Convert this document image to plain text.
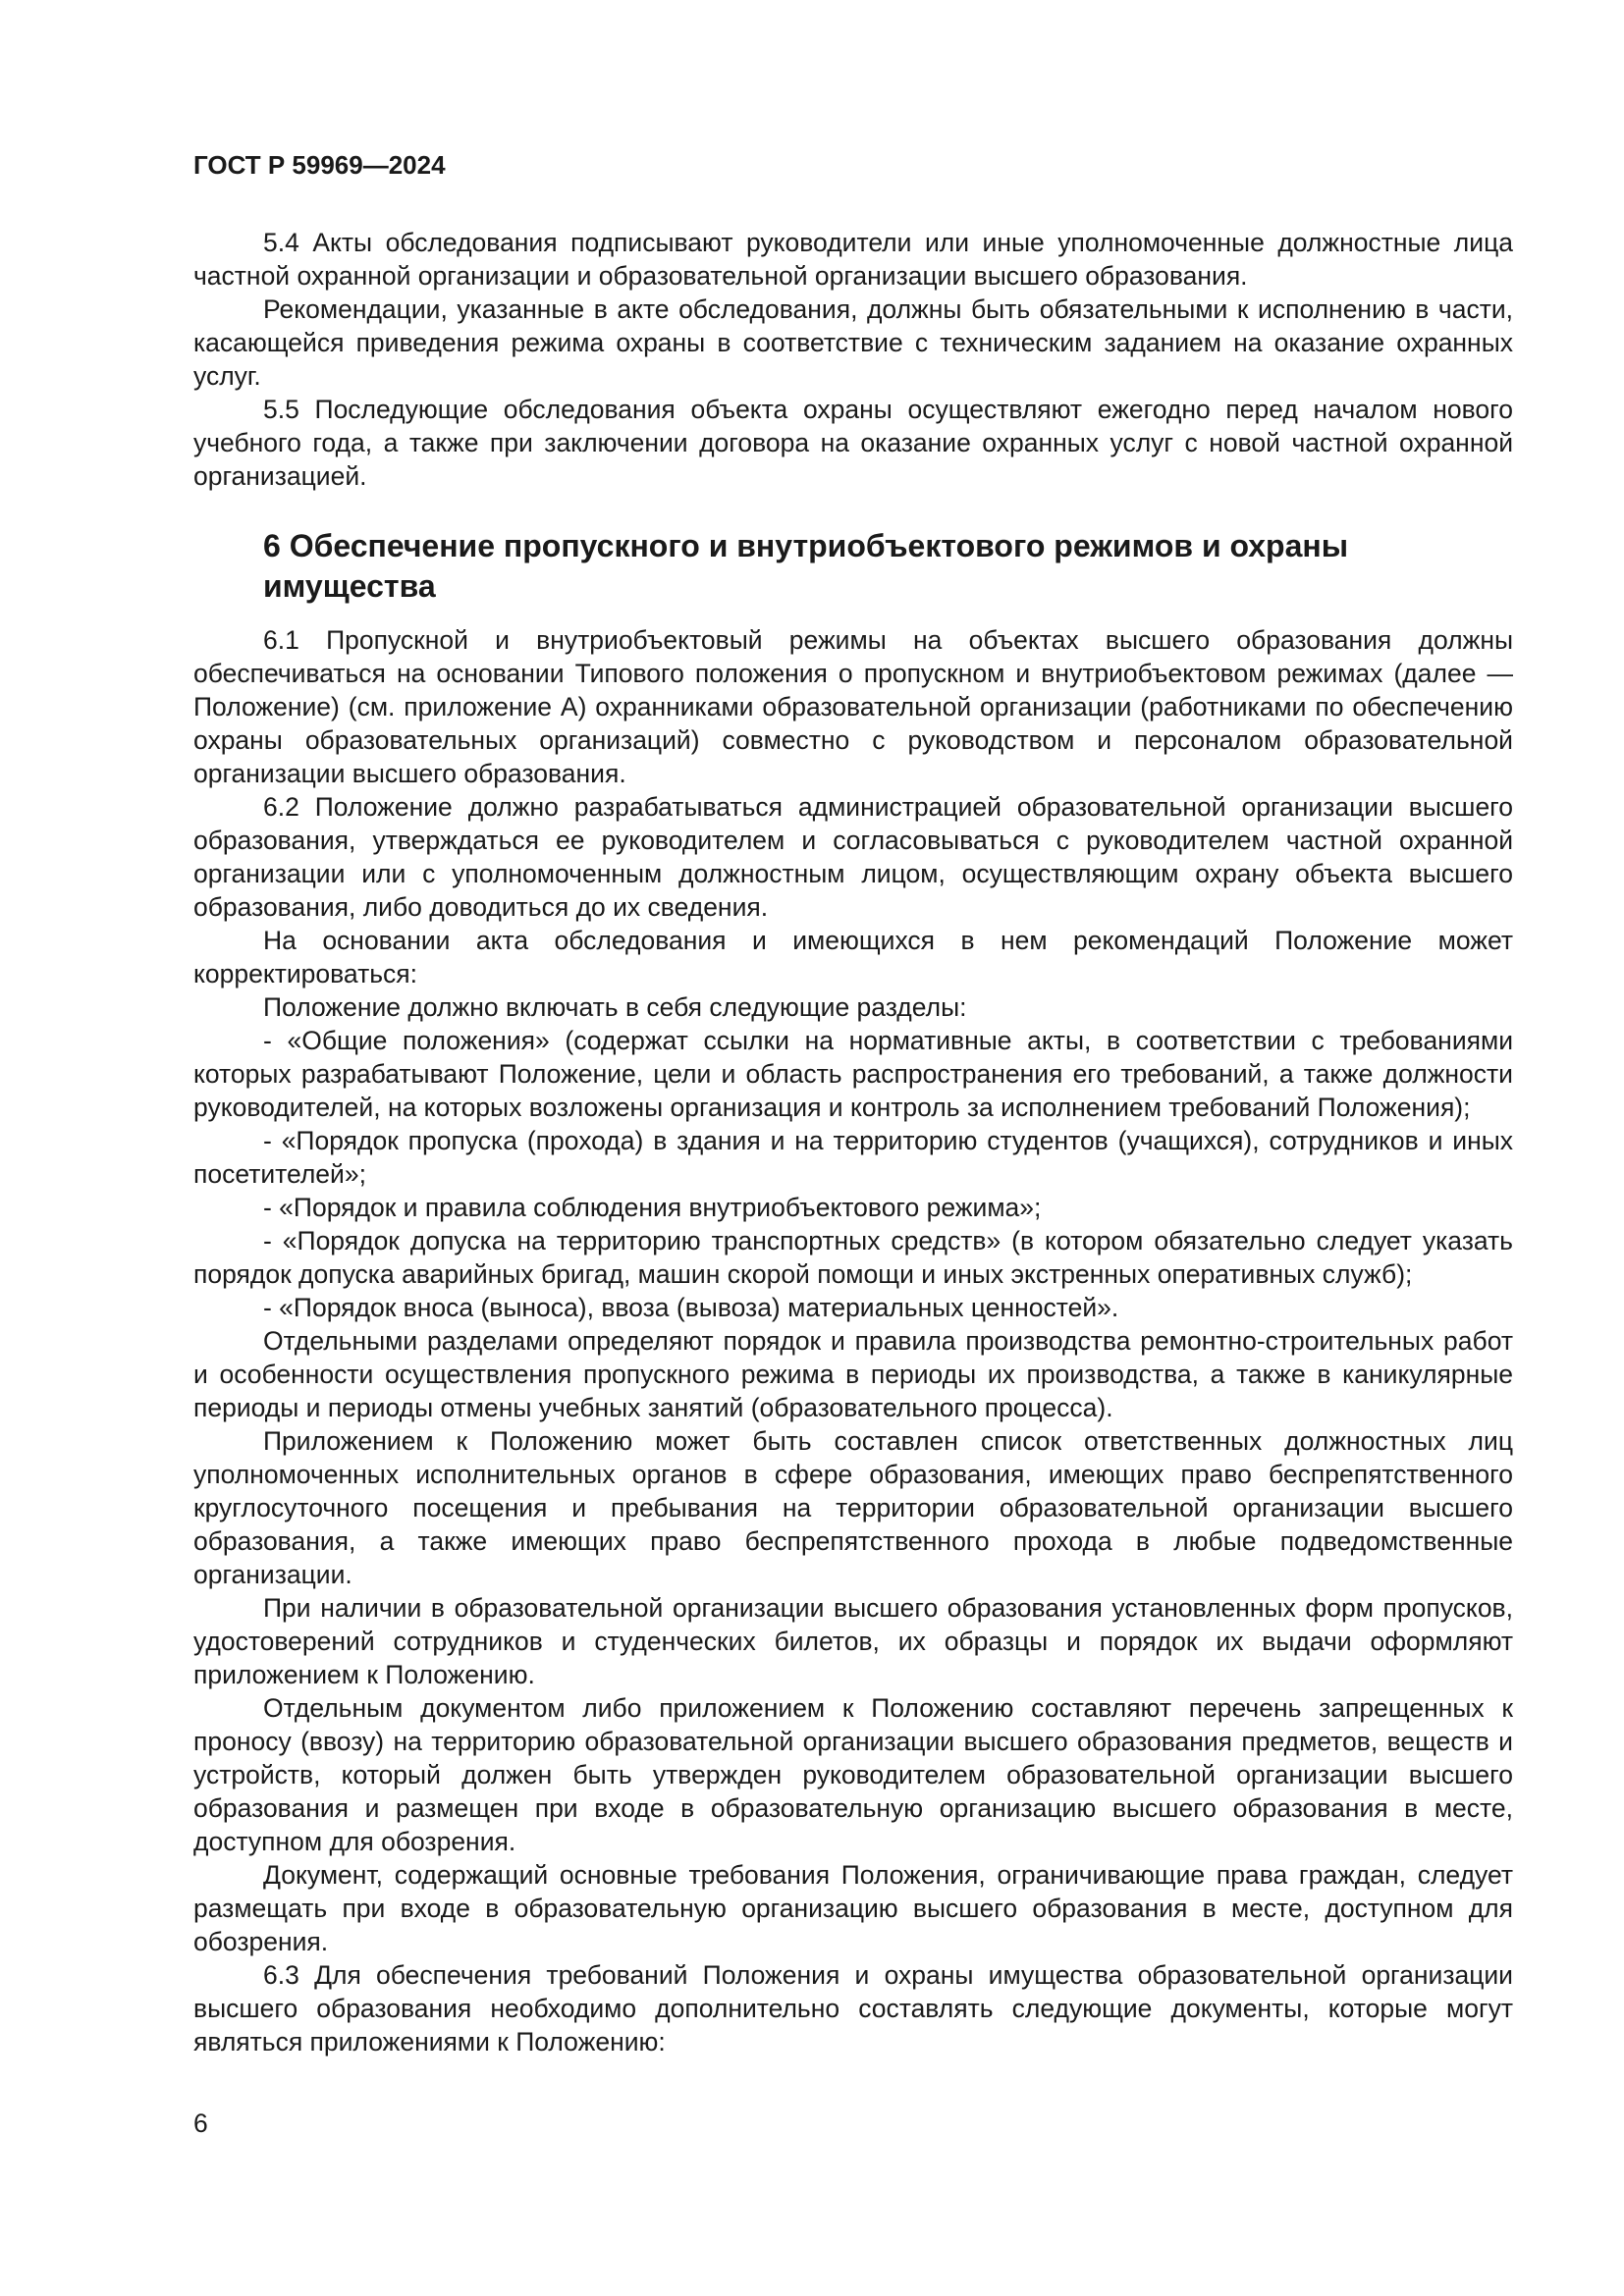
ГОСТ Р 59969—2024

5.4 Акты обследования подписывают руководители или иные уполномоченные должностные лица частной охранной организации и образовательной организации высшего образования.

Рекомендации, указанные в акте обследования, должны быть обязательными к исполнению в части, касающейся приведения режима охраны в соответствие с техническим заданием на оказание охранных услуг.

5.5 Последующие обследования объекта охраны осуществляют ежегодно перед началом нового учебного года, а также при заключении договора на оказание охранных услуг с новой частной охранной организацией.

6 Обеспечение пропускного и внутриобъектового режимов и охраны
имущества

6.1 Пропускной и внутриобъектовый режимы на объектах высшего образования должны обеспечиваться на основании Типового положения о пропускном и внутриобъектовом режимах (далее — Положение) (см. приложение А) охранниками образовательной организации (работниками по обеспечению охраны образовательных организаций) совместно с руководством и персоналом образовательной организации высшего образования.

6.2 Положение должно разрабатываться администрацией образовательной организации высшего образования, утверждаться ее руководителем и согласовываться с руководителем частной охранной организации или с уполномоченным должностным лицом, осуществляющим охрану объекта высшего образования, либо доводиться до их сведения.

На основании акта обследования и имеющихся в нем рекомендаций Положение может корректироваться:

Положение должно включать в себя следующие разделы:

- «Общие положения» (содержат ссылки на нормативные акты, в соответствии с требованиями которых разрабатывают Положение, цели и область распространения его требований, а также должности руководителей, на которых возложены организация и контроль за исполнением требований Положения);

- «Порядок пропуска (прохода) в здания и на территорию студентов (учащихся), сотрудников и иных посетителей»;

- «Порядок и правила соблюдения внутриобъектового режима»;

- «Порядок допуска на территорию транспортных средств» (в котором обязательно следует указать порядок допуска аварийных бригад, машин скорой помощи и иных экстренных оперативных служб);

- «Порядок вноса (выноса), ввоза (вывоза) материальных ценностей».

Отдельными разделами определяют порядок и правила производства ремонтно-строительных работ и особенности осуществления пропускного режима в периоды их производства, а также в каникулярные периоды и периоды отмены учебных занятий (образовательного процесса).

Приложением к Положению может быть составлен список ответственных должностных лиц уполномоченных исполнительных органов в сфере образования, имеющих право беспрепятственного круглосуточного посещения и пребывания на территории образовательной организации высшего образования, а также имеющих право беспрепятственного прохода в любые подведомственные организации.

При наличии в образовательной организации высшего образования установленных форм пропусков, удостоверений сотрудников и студенческих билетов, их образцы и порядок их выдачи оформляют приложением к Положению.

Отдельным документом либо приложением к Положению составляют перечень запрещенных к проносу (ввозу) на территорию образовательной организации высшего образования предметов, веществ и устройств, который должен быть утвержден руководителем образовательной организации высшего образования и размещен при входе в образовательную организацию высшего образования в месте, доступном для обозрения.

Документ, содержащий основные требования Положения, ограничивающие права граждан, следует размещать при входе в образовательную организацию высшего образования в месте, доступном для обозрения.

6.3 Для обеспечения требований Положения и охраны имущества образовательной организации высшего образования необходимо дополнительно составлять следующие документы, которые могут являться приложениями к Положению:

6
